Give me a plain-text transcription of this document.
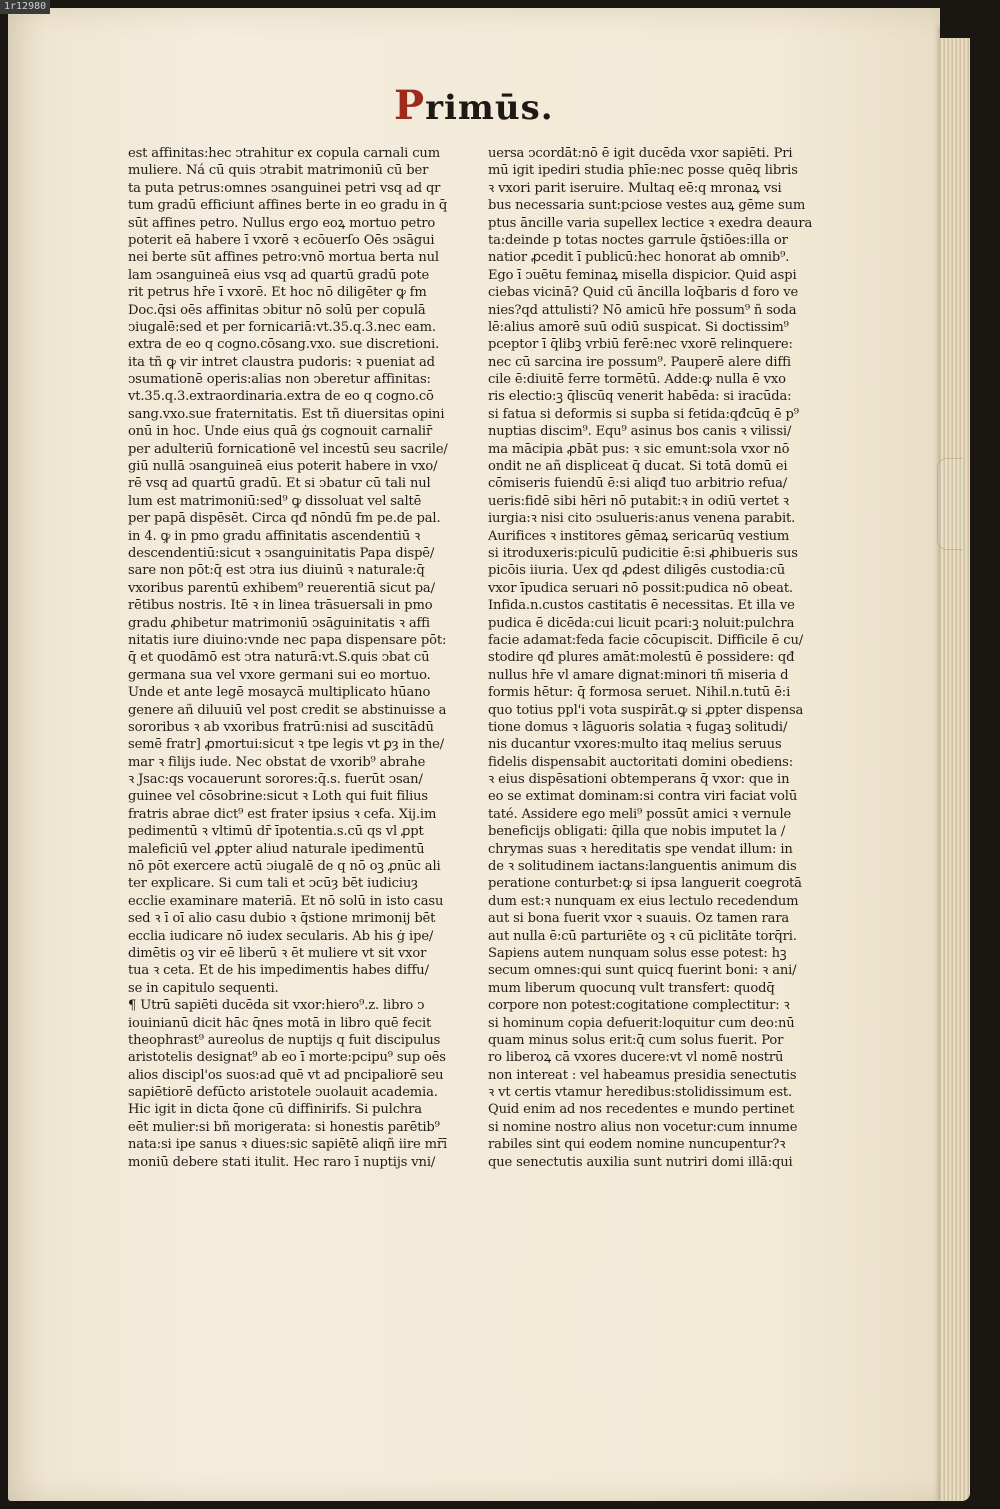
1r12980
Primūs.
est affinitas:hec ↄtrahitur ex copula carnali cum
muliere. Ná cū quis ↄtrabit matrimoniū cū ber
ta puta petrus:omnes ↄsanguinei petri vsq ad qr
tum gradū efficiunt affines berte in eo gradu in q̄
sūt affines petro. Nullus ergo eoꝝ mortuo petro
poterit eā habere ī vxorē ꝛ ecōuerſo Oēs ↄsāgui
nei berte sūt affines petro:vnō mortua berta nul
lam ↄsanguineā eius vsq ad quartū gradū pote
rit petrus hr̄e ī vxorē. Et hoc nō diligēter ꝙ fm
Doc.q̄si oēs affinitas ↄbitur nō solū per copulā
ↄiugalē:sed et per fornicariā:vt.35.q.3.nec eam.
extra de eo q cogno.cōsang.vxo. sue discretioni.
ita tñ ꝙ vir intret claustra pudoris: ꝛ pueniat ad
ↄsumationē operis:alias non ↄberetur affinitas:
vt.35.q.3.extraordinaria.extra de eo q cogno.cō
sang.vxo.sue fraternitatis. Est tñ diuersitas opini
onū in hoc. Unde eius quā ġs cognouit carnalir̄
per adulteriū fornicationē vel incestū seu sacrile/
giū nullā ↄsanguineā eius poterit habere in vxo/
rē vsq ad quartū gradū. Et si ↄbatur cū tali nul
lum est matrimoniū:sed⁹ ꝙ dissoluat vel saltē
per papā dispēsēt. Circa qđ nōndū fm pe.de pal.
in 4. ꝙ in pmo gradu affinitatis ascendentiū ꝛ
descendentiū:sicut ꝛ ↄsanguinitatis Papa dispē/
sare non pōt:q̄ est ↄtra ius diuinū ꝛ naturale:q̄
vxoribus parentū exhibem⁹ reuerentiā sicut pa/
rētibus nostris. Itē ꝛ in linea trāsuersali in pmo
gradu ꝓhibetur matrimoniū ↄsāguinitatis ꝛ affi
nitatis iure diuino:vnde nec papa dispensare pōt:
q̄ et quodāmō est ↄtra naturā:vt.S.quis ↄbat cū
germana sua vel vxore germani sui eo mortuo.
Unde et ante legē mosaycā multiplicato hūano
genere añ diluuiū vel post credit se abstinuisse a
sororibus ꝛ ab vxoribus fratrū:nisi ad suscitādū
semē fratr] ꝓmortui:sicut ꝛ tpe legis vt ꝑȝ in the/
mar ꝛ filijs iude. Nec obstat de vxorib⁹ abrahe
ꝛ Jsac:qs vocauerunt sorores:q̄.s. fuerūt ↄsan/
guinee vel cōsobrine:sicut ꝛ Loth qui fuit filius
fratris abrae dict⁹ est frater ipsius ꝛ cefa. Xij.im
pedimentū ꝛ vltimū dr̄ īpotentia.s.cū qs vl ꝓpt̄
maleficiū vel ꝓpter aliud naturale ipedimentū
nō pōt exercere actū ↄiugalē de q nō oꝫ ꝓnūc ali
ter explicare. Si cum tali et ↄcūȝ bēt iudiciuȝ
ecclie examinare materiā. Et nō solū in isto casu
sed ꝛ ī oī alio casu dubio ꝛ q̄stione mrimonij bēt
ecclia iudicare nō iudex secularis. Ab his ġ ipe/
dimētis oꝫ vir eē liberū ꝛ ēt muliere vt sit vxor
tua ꝛ ceta. Et de his impedimentis habes diffu/
se in capitulo sequenti.
¶ Utrū sapiēti ducēda sit vxor:hiero⁹.z. libro ↄ
iouinianū dicit hāc q̄nes motā in libro quē fecit
theophrast⁹ aureolus de nuptijs q fuit discipulus
aristotelis designat⁹ ab eo ī morte:pcipu⁹ sup oēs
alios discipl'os suos:ad quē vt ad pncipaliorē seu
sapiētiorē defūcto aristotele ↄuolauit academia.
Hic igit in dicta q̄one cū diffinirifs. Si pulchra
eēt mulier:si bñ morigerata: si honestis parētib⁹
nata:si ipe sanus ꝛ diues:sic sapiētē aliqñ iire mr̄ī
moniū debere stati itulit. Hec raro ī nuptijs vni/
uersa ↄcordāt:nō ē igit ducēda vxor sapiēti. Pri
mū igit ipediri studia phīe:nec posse quēq libris
ꝛ vxori parit iseruire. Multaq eē:q mronaꝝ vsi
bus necessaria sunt:pciose vestes auꝝ gēme sum
ptus āncille varia supellex lectice ꝛ exedra deaura
ta:deinde p totas noctes garrule q̄stiōes:illa or
natior ꝓcedit ī publicū:hec honorat ab omnib⁹.
Ego ī ↄuētu feminaꝝ misella dispicior. Quid aspi
ciebas vicinā? Quid cū āncilla loq̄baris d foro ve
nies?qd attulisti? Nō amicū hr̄e possum⁹ ñ soda
lē:alius amorē suū odiū suspicat. Si doctissim⁹
pceptor ī q̄libꝫ vrbiū ferē:nec vxorē relinquere:
nec cū sarcina ire possum⁹. Pauperē alere diffi
cile ē:diuitē ferre tormētū. Adde:ꝙ nulla ē vxo
ris electio:ꝫ q̄liscūq venerit habēda: si iracūda:
si fatua si deformis si supba si fetida:qđcūq ē p⁹
nuptias discim⁹. Equ⁹ asinus bos canis ꝛ vilissi/
ma mācipia ꝓbāt pus: ꝛ sic emunt:sola vxor nō
ondit̄ ne añ displiceat q̄ ducat. Si totā domū ei
cōmiseris fuiendū ē:si aliqđ tuo arbitrio refua/
ueris:fidē sibi hēri nō putabit:ꝛ in odiū vertet ꝛ
iurgia:ꝛ nisi cito ↄsulueris:anus venena parabit.
Aurifices ꝛ institores gēmaꝝ sericarūq vestium
si itroduxeris:piculū pudicitie ē:si ꝓhibueris sus
picōis iiuria. Uex qd ꝓdest diligēs custodia:cū
vxor īpudica seruari nō possit:pudica nō obeat.
Infida.n.custos castitatis ē necessitas. Et illa ve
pudica ē dicēda:cui licuit pcari:ꝫ noluit:pulchra
facie adamat:feda facie cōcupiscit. Difficile ē cu/
stodire qđ plures amāt:molestū ē possidere: qđ
nullus hr̄e vl amare dignat:minori tñ miseria d
formis hētur: q̄ formosa seruet. Nihil.n.tutū ē:i
quo totius ppl'i vota suspirāt.ꝙ si ꝓpter dispensa
tione domus ꝛ lāguoris solatia ꝛ fugaꝫ solitudi/
nis ducantur vxores:multo itaq melius seruus
fidelis dispensabit auctoritati domini obediens:
ꝛ eius dispēsationi obtemperans q̄ vxor: que in
eo se extimat dominam:si contra viri faciat volū
taté. Assidere ego meli⁹ possūt amici ꝛ vernule
beneficijs obligati: q̄illa que nobis imputet la /
chrymas suas ꝛ hereditatis spe vendat illum: in
de ꝛ solitudinem iactans:languentis animum dis
peratione conturbet:ꝙ si ipsa languerit coegrotā
dum est:ꝛ nunquam ex eius lectulo recedendum
aut si bona fuerit vxor ꝛ suauis. Oz tamen rara
aut nulla ē:cū parturiēte oꝫ ꝛ cū piclitāte torq̄ri.
Sapiens autem nunquam solus esse potest: hꝫ
secum omnes:qui sunt quicq fuerint boni: ꝛ ani/
mum liberum quocunq vult transfert: quodq̄
corpore non potest:cogitatione complectitur: ꝛ
si hominum copia defuerit:loquitur cum deo:nū
quam minus solus erit:q̄ cum solus fuerit. Por
ro liberoꝝ cā vxores ducere:vt vl nomē nostrū
non intereat : vel habeamus presidia senectutis
ꝛ vt certis vtamur heredibus:stolidissimum est.
Quid enim ad nos recedentes e mundo pertinet
si nomine nostro alius non vocetur:cum innume
rabiles sint qui eodem nomine nuncupentur?ꝛ
que senectutis auxilia sunt nutriri domi illā:qui
